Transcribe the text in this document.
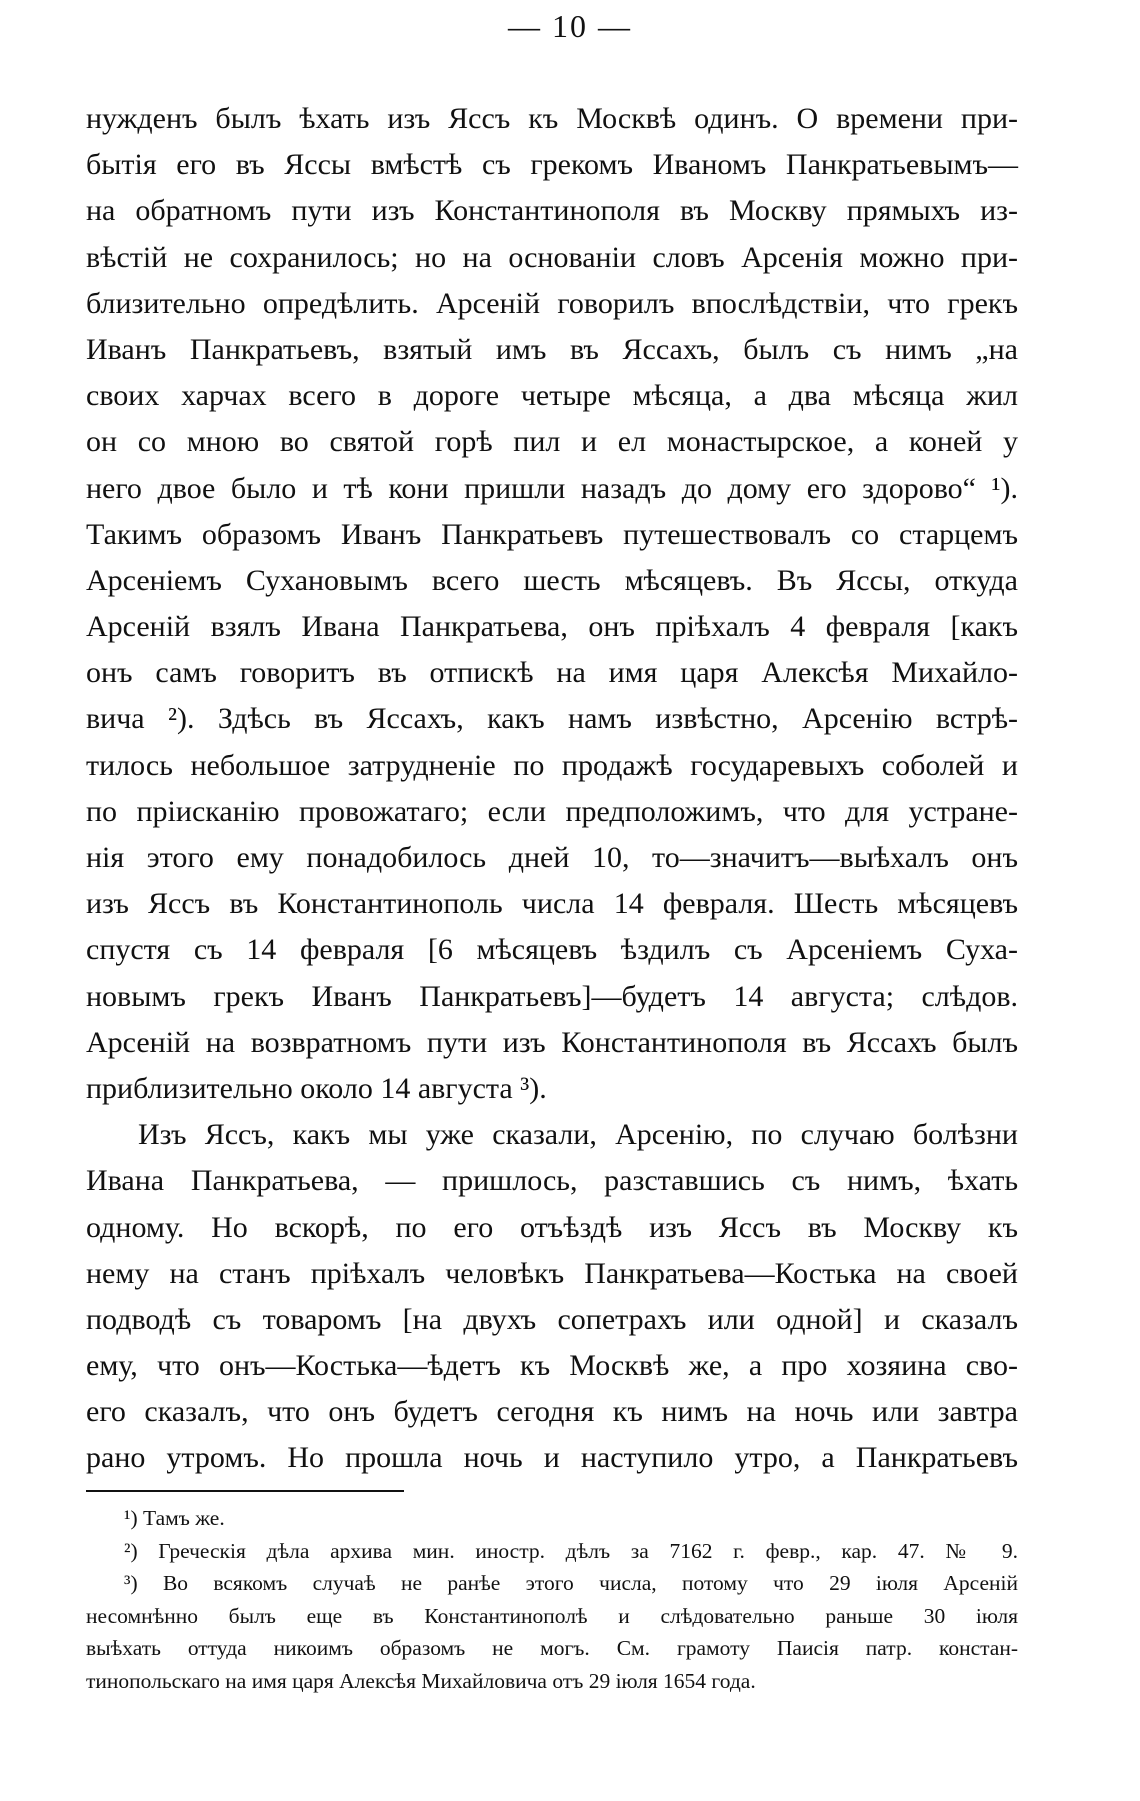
— 10 —
нужденъ былъ ѣхать изъ Яссъ къ Москвѣ одинъ. О времени при-
бытія его въ Яссы вмѣстѣ съ грекомъ Иваномъ Панкратьевымъ—
на обратномъ пути изъ Константинополя въ Москву прямыхъ из-
вѣстій не сохранилось; но на основаніи словъ Арсенія можно при-
близительно опредѣлить. Арсеній говорилъ впослѣдствіи, что грекъ
Иванъ Панкратьевъ, взятый имъ въ Яссахъ, былъ съ нимъ „на
своих харчах всего в дороге четыре мѣсяца, а два мѣсяца жил
он со мною во святой горѣ пил и ел монастырское, а коней у
него двое было и тѣ кони пришли назадъ до дому его здорово“ ¹).
Такимъ образомъ Иванъ Панкратьевъ путешествовалъ со старцемъ
Арсеніемъ Сухановымъ всего шесть мѣсяцевъ. Въ Яссы, откуда
Арсеній взялъ Ивана Панкратьева, онъ пріѣхалъ 4 февраля [какъ
онъ самъ говоритъ въ отпискѣ на имя царя Алексѣя Михайло-
вича ²). Здѣсь въ Яссахъ, какъ намъ извѣстно, Арсенію встрѣ-
тилось небольшое затрудненіе по продажѣ государевыхъ соболей и
по пріисканію провожатаго; если предположимъ, что для устране-
нія этого ему понадобилось дней 10, то—значитъ—выѣхалъ онъ
изъ Яссъ въ Константинополь числа 14 февраля. Шесть мѣсяцевъ
спустя съ 14 февраля [6 мѣсяцевъ ѣздилъ съ Арсеніемъ Суха-
новымъ грекъ Иванъ Панкратьевъ]—будетъ 14 августа; слѣдов.
Арсеній на возвратномъ пути изъ Константинополя въ Яссахъ былъ
приблизительно около 14 августа ³).
Изъ Яссъ, какъ мы уже сказали, Арсенію, по случаю болѣзни
Ивана Панкратьева, — пришлось, разставшись съ нимъ, ѣхать
одному. Но вскорѣ, по его отъѣздѣ изъ Яссъ въ Москву къ
нему на станъ пріѣхалъ человѣкъ Панкратьева—Костька на своей
подводѣ съ товаромъ [на двухъ сопетрахъ или одной] и сказалъ
ему, что онъ—Костька—ѣдетъ къ Москвѣ же, а про хозяина сво-
его сказалъ, что онъ будетъ сегодня къ нимъ на ночь или завтра
рано утромъ. Но прошла ночь и наступило утро, а Панкратьевъ
¹) Тамъ же.
²) Греческія дѣла архива мин. иностр. дѣлъ за 7162 г. февр., кар. 47. № 9.
³) Во всякомъ случаѣ не ранѣе этого числа, потому что 29 іюля Арсеній
несомнѣнно былъ еще въ Константинополѣ и слѣдовательно раньше 30 іюля
выѣхать оттуда никоимъ образомъ не могъ. См. грамоту Паисія патр. констан-
тинопольскаго на имя царя Алексѣя Михайловича отъ 29 іюля 1654 года.
